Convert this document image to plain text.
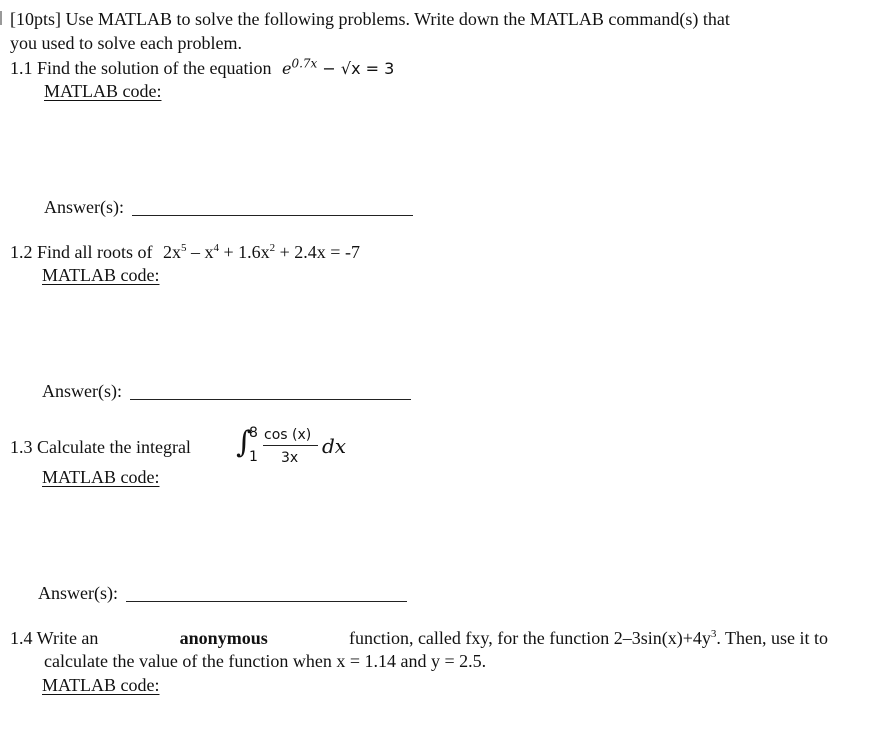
[10pts] Use MATLAB to solve the following problems. Write down the MATLAB command(s) that
you used to solve each problem.
1.1 Find the solution of the equation $e^{0.7x} - √x = 3$
MATLAB code:
Answer(s):
1.2 Find all roots of $2x^5 - x^4 + 1.6x^2 + 2.4x = -7$
MATLAB code:
Answer(s):
1.3 Calculate the integral ∫
8
1
cos (x)
3x dx
MATLAB code:
Answer(s):
1.4 Write an	anonymous	function, called fxy, for the function $2-3\sin(x)+4y^3$. Then, use it to
calculate the value of the function when x = 1.14 and y = 2.5.
MATLAB code:
